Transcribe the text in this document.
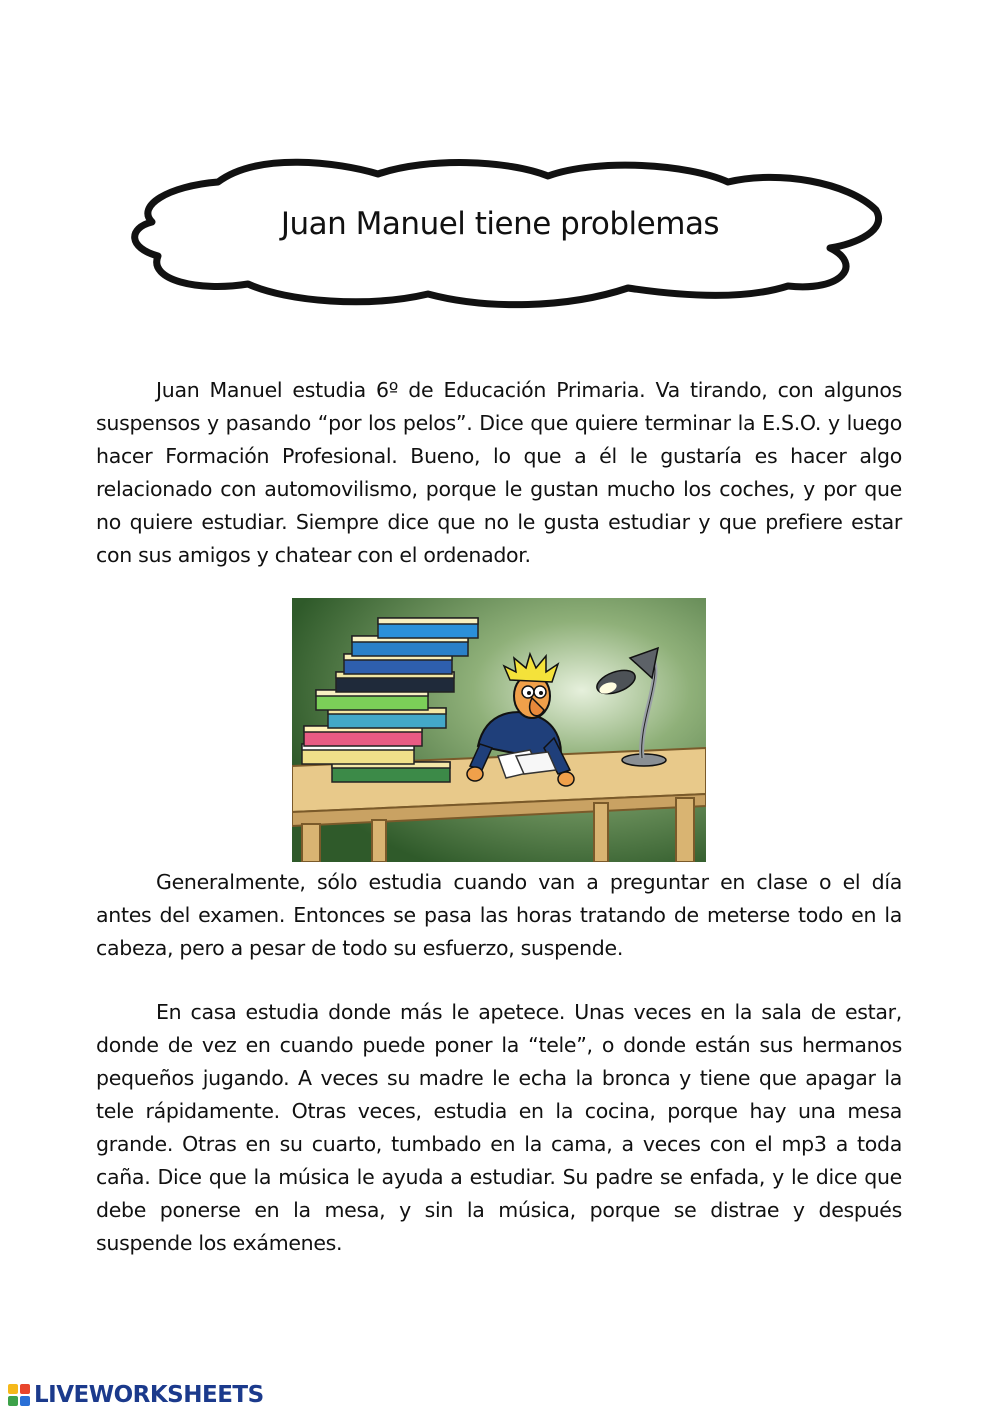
Juan Manuel tiene problemas

Juan Manuel estudia 6º de Educación Primaria. Va tirando, con algunos suspensos y pasando “por los pelos”. Dice que quiere terminar la E.S.O. y luego hacer Formación Profesional. Bueno, lo que a él le gustaría es hacer algo relacionado con automovilismo, porque le gustan mucho los coches, y por que no quiere estudiar. Siempre dice que no le gusta estudiar y que prefiere estar con sus amigos y chatear con el ordenador.

Generalmente, sólo estudia cuando van a preguntar en clase o el día antes del examen. Entonces se pasa las horas tratando de meterse todo en la cabeza, pero a pesar de todo su esfuerzo, suspende.

En casa estudia donde más le apetece. Unas veces en la sala de estar, donde de vez en cuando puede poner la “tele”, o donde están sus hermanos pequeños jugando. A veces su madre le echa la bronca y tiene que apagar la tele rápidamente. Otras veces, estudia en la cocina, porque hay una mesa grande. Otras en su cuarto, tumbado en la cama, a veces con el mp3 a toda caña. Dice que la música le ayuda a estudiar. Su padre se enfada, y le dice que debe ponerse en la mesa, y sin la música, porque se distrae y después suspende los exámenes.

LIVEWORKSHEETS
